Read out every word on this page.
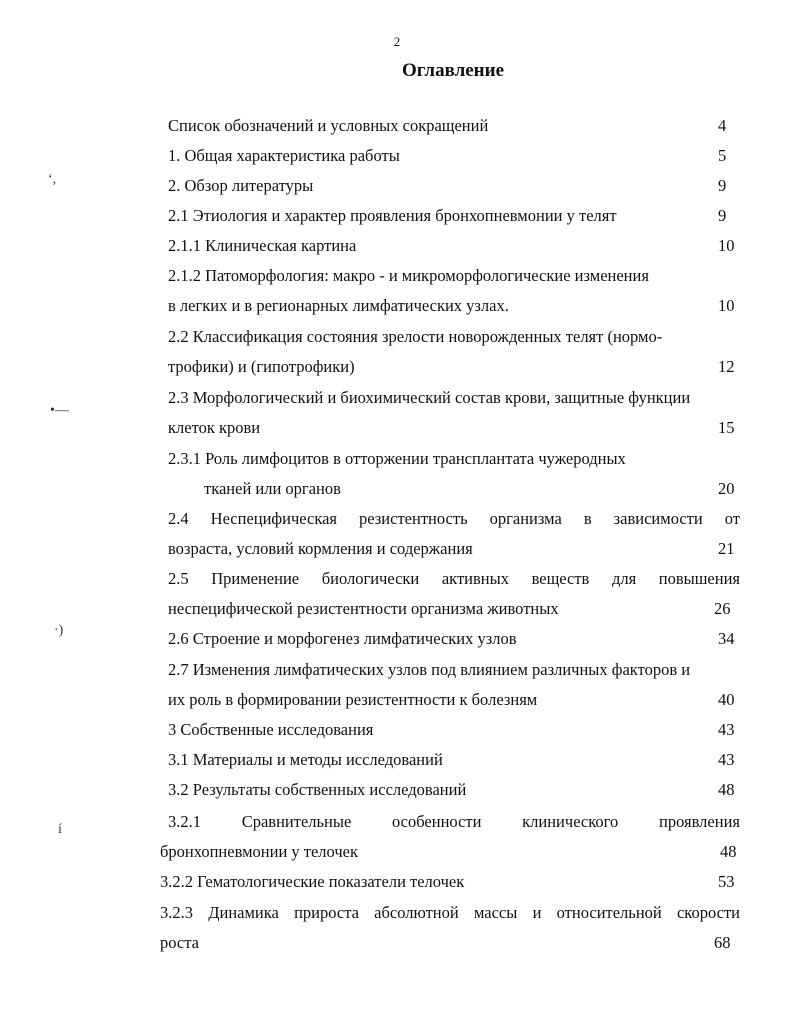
2
Оглавление
‘,
•—
·)
í
Список обозначений и условных сокращений	4
1. Общая характеристика работы	5
2. Обзор литературы	9
2.1 Этиология и характер проявления бронхопневмонии у телят	9
2.1.1 Клиническая картина	10
2.1.2 Патоморфология: макро - и микроморфологические изменения
в легких и в регионарных лимфатических узлах.	10
2.2 Классификация состояния зрелости новорожденных телят (нормо-
трофики) и (гипотрофики)	12
2.3 Морфологический и биохимический состав крови, защитные функции
клеток крови	15
2.3.1 Роль лимфоцитов в отторжении трансплантата чужеродных
тканей или органов	20
2.4 Неспецифическая резистентность организма в зависимости от
возраста, условий кормления и содержания	21
2.5 Применение биологически активных веществ для повышения
неспецифической резистентности организма животных	26
2.6 Строение и морфогенез лимфатических узлов	34
2.7 Изменения лимфатических узлов под влиянием различных факторов и
их роль в формировании резистентности к болезням	40
3 Собственные исследования	43
3.1 Материалы и методы исследований	43
3.2 Результаты собственных исследований	48
3.2.1 Сравнительные особенности клинического проявления
бронхопневмонии у телочек	48
3.2.2 Гематологические показатели телочек	53
3.2.3 Динамика прироста абсолютной массы и относительной скорости
роста	68
